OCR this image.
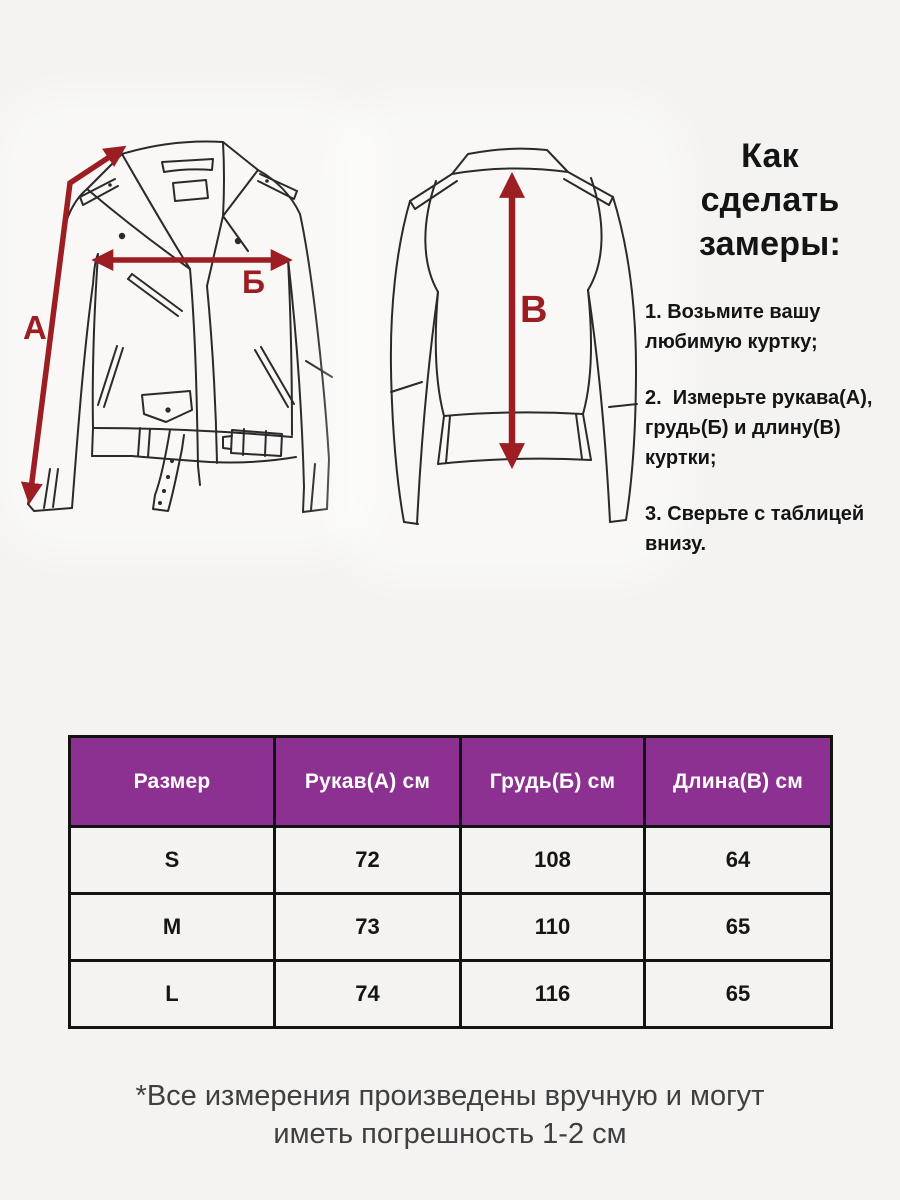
А
Б
В
Как сделать замеры:

1. Возьмите вашу любимую куртку;

2.  Измерьте рукава(А), грудь(Б) и длину(В) куртки;

3. Сверьте с таблицей внизу.

Размер	Рукав(А) см	Грудь(Б) см	Длина(В) см
S	72	108	64
M	73	110	65
L	74	116	65
*Все измерения произведены вручную и могут иметь погрешность 1-2 см
